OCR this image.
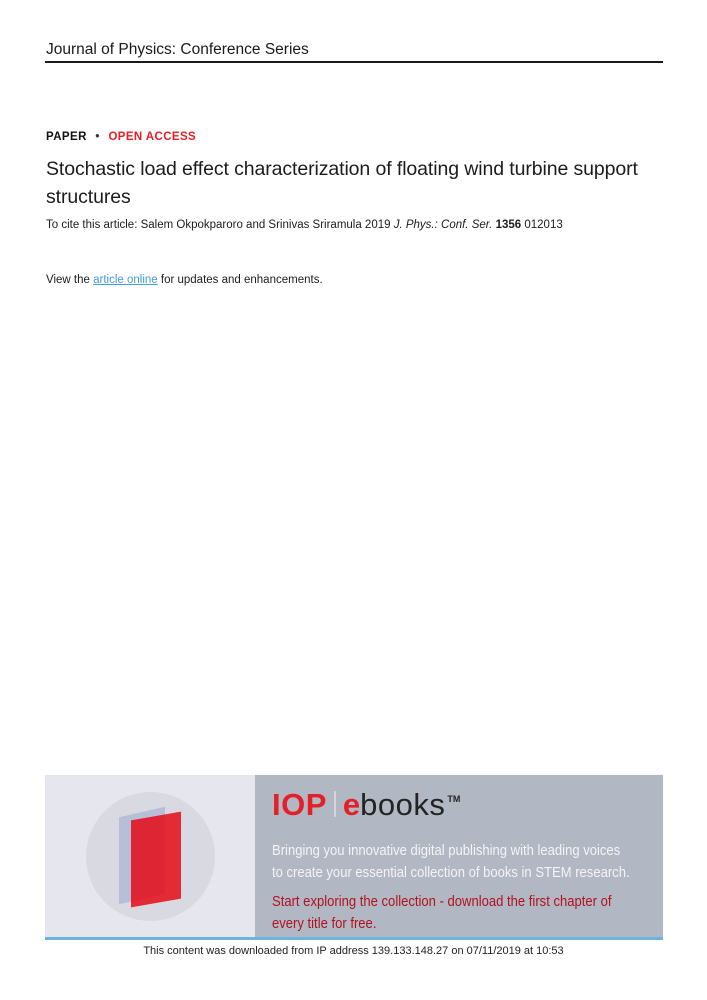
Journal of Physics: Conference Series
PAPER • OPEN ACCESS
Stochastic load effect characterization of floating wind turbine support
structures

To cite this article: Salem Okpokparoro and Srinivas Sriramula 2019 J. Phys.: Conf. Ser. 1356 012013

View the article online for updates and enhancements.

IOP ebooks ™

Bringing you innovative digital publishing with leading voices
to create your essential collection of books in STEM research.

Start exploring the collection - download the first chapter of
every title for free.

This content was downloaded from IP address 139.133.148.27 on 07/11/2019 at 10:53
